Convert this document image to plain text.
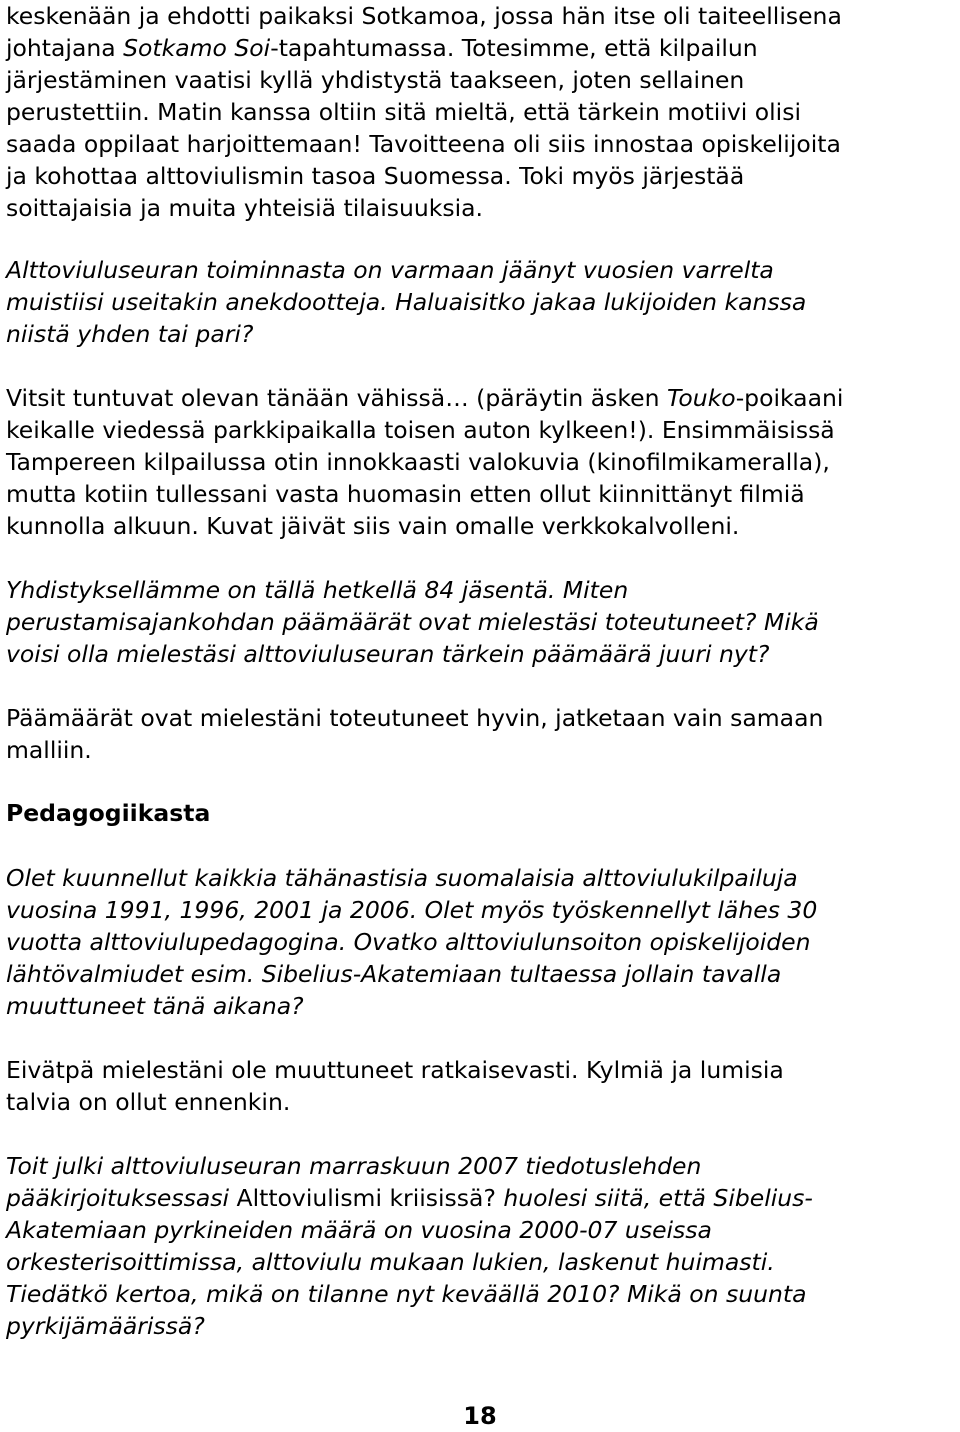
keskenään ja ehdotti paikaksi Sotkamoa, jossa hän itse oli taiteellisena
johtajana Sotkamo Soi-tapahtumassa. Totesimme, että kilpailun
järjestäminen vaatisi kyllä yhdistystä taakseen, joten sellainen
perustettiin. Matin kanssa oltiin sitä mieltä, että tärkein motiivi olisi
saada oppilaat harjoittemaan! Tavoitteena oli siis innostaa opiskelijoita
ja kohottaa alttoviulismin tasoa Suomessa. Toki myös järjestää
soittajaisia ja muita yhteisiä tilaisuuksia.
Alttoviuluseuran toiminnasta on varmaan jäänyt vuosien varrelta
muistiisi useitakin anekdootteja. Haluaisitko jakaa lukijoiden kanssa
niistä yhden tai pari?
Vitsit tuntuvat olevan tänään vähissä… (päräytin äsken Touko-poikaani
keikalle viedessä parkkipaikalla toisen auton kylkeen!). Ensimmäisissä
Tampereen kilpailussa otin innokkaasti valokuvia (kinofilmikameralla),
mutta kotiin tullessani vasta huomasin etten ollut kiinnittänyt filmiä
kunnolla alkuun. Kuvat jäivät siis vain omalle verkkokalvolleni.
Yhdistyksellämme on tällä hetkellä 84 jäsentä. Miten
perustamisajankohdan päämäärät ovat mielestäsi toteutuneet? Mikä
voisi olla mielestäsi alttoviuluseuran tärkein päämäärä juuri nyt?
Päämäärät ovat mielestäni toteutuneet hyvin, jatketaan vain samaan
malliin.
Pedagogiikasta
Olet kuunnellut kaikkia tähänastisia suomalaisia alttoviulukilpailuja
vuosina 1991, 1996, 2001 ja 2006. Olet myös työskennellyt lähes 30
vuotta alttoviulupedagogina. Ovatko alttoviulunsoiton opiskelijoiden
lähtövalmiudet esim. Sibelius-Akatemiaan tultaessa jollain tavalla
muuttuneet tänä aikana?
Eivätpä mielestäni ole muuttuneet ratkaisevasti. Kylmiä ja lumisia
talvia on ollut ennenkin.
Toit julki alttoviuluseuran marraskuun 2007 tiedotuslehden
pääkirjoituksessasi Alttoviulismi kriisissä? huolesi siitä, että Sibelius-
Akatemiaan pyrkineiden määrä on vuosina 2000-07 useissa
orkesterisoittimissa, alttoviulu mukaan lukien, laskenut huimasti.
Tiedätkö kertoa, mikä on tilanne nyt keväällä 2010? Mikä on suunta
pyrkijämäärissä?
18
